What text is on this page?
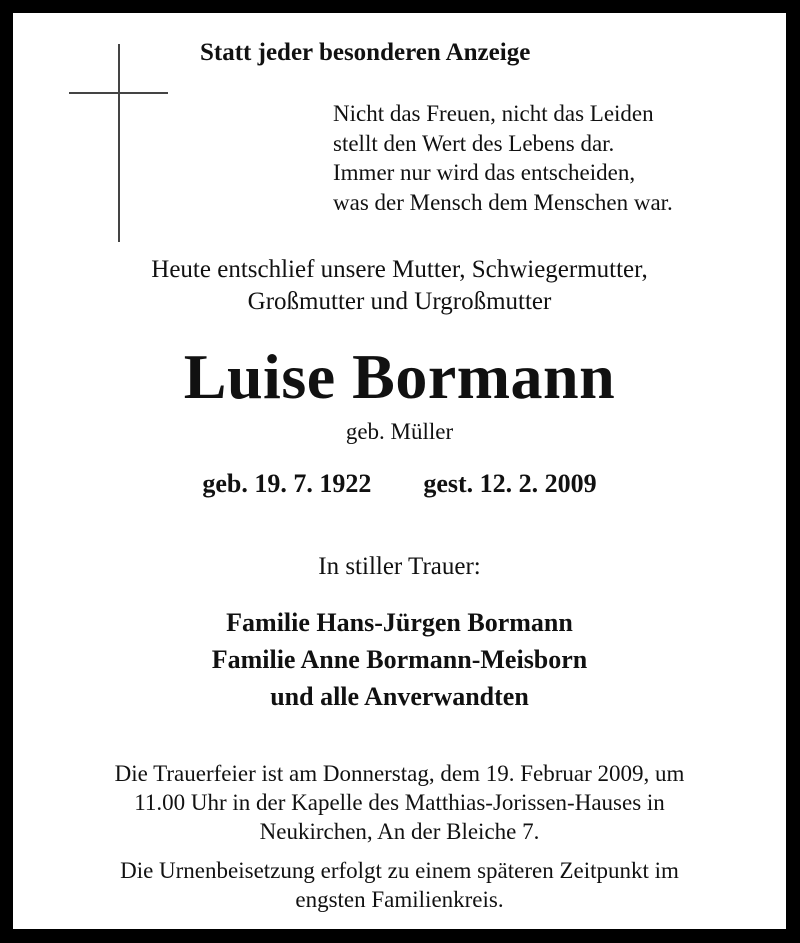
Statt jeder besonderen Anzeige
Nicht das Freuen, nicht das Leiden
stellt den Wert des Lebens dar.
Immer nur wird das entscheiden,
was der Mensch dem Menschen war.
Heute entschlief unsere Mutter, Schwiegermutter,
Großmutter und Urgroßmutter
Luise Bormann
geb. Müller
geb. 19. 7. 1922 gest. 12. 2. 2009
In stiller Trauer:
Familie Hans-Jürgen Bormann
Familie Anne Bormann-Meisborn
und alle Anverwandten
Die Trauerfeier ist am Donnerstag, dem 19. Februar 2009, um
11.00 Uhr in der Kapelle des Matthias-Jorissen-Hauses in
Neukirchen, An der Bleiche 7.
Die Urnenbeisetzung erfolgt zu einem späteren Zeitpunkt im
engsten Familienkreis.
